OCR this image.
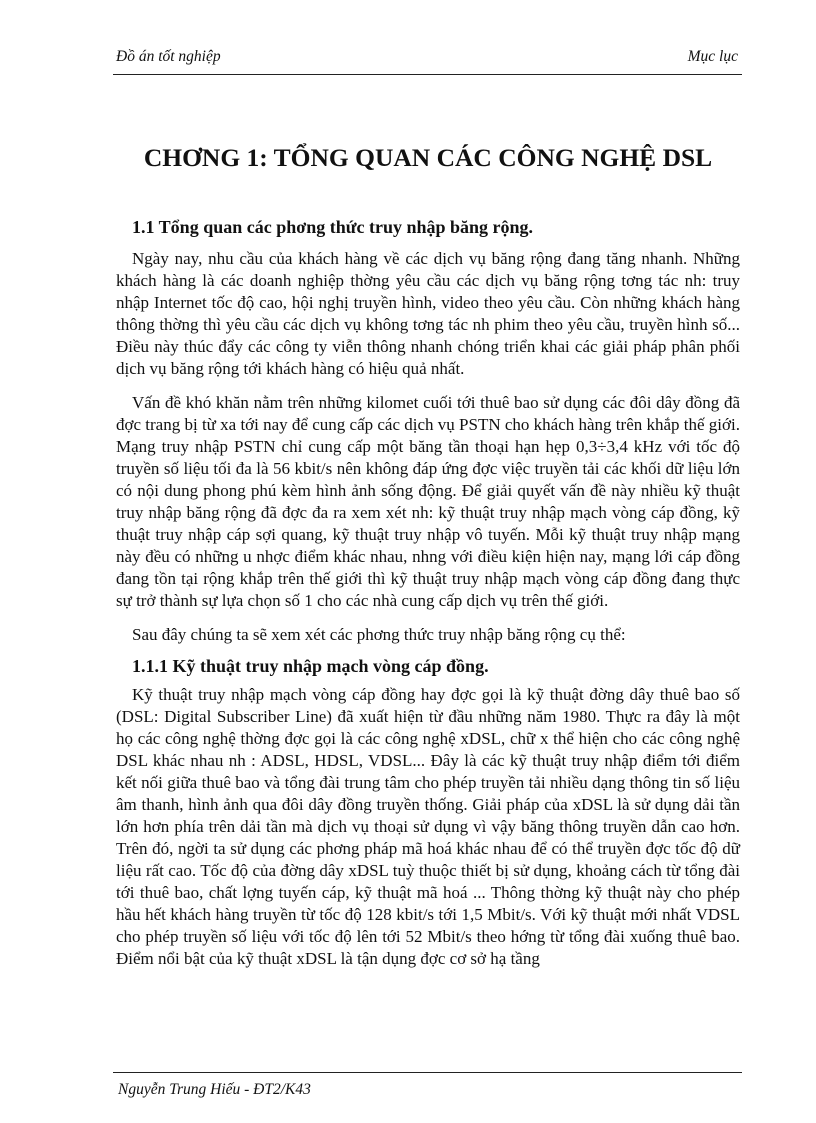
Đồ án tốt nghiệp	Mục lục
CHƠNG 1: TỔNG QUAN CÁC CÔNG NGHỆ DSL
1.1 Tổng quan các phơng thức truy nhập băng rộng.

Ngày nay, nhu cầu của khách hàng về các dịch vụ băng rộng đang tăng nhanh. Những khách hàng là các doanh nghiệp thờng yêu cầu các dịch vụ băng rộng tơng tác nh: truy nhập Internet tốc độ cao, hội nghị truyền hình, video theo yêu cầu. Còn những khách hàng thông thờng thì yêu cầu các dịch vụ không tơng tác nh phim theo yêu cầu, truyền hình số... Điều này thúc đẩy các công ty viễn thông nhanh chóng triển khai các giải pháp phân phối dịch vụ băng rộng tới khách hàng có hiệu quả nhất.

Vấn đề khó khăn nằm trên những kilomet cuối tới thuê bao sử dụng các đôi dây đồng đã đợc trang bị từ xa tới nay để cung cấp các dịch vụ PSTN cho khách hàng trên khắp thế giới. Mạng truy nhập PSTN chỉ cung cấp một băng tần thoại hạn hẹp 0,3÷3,4 kHz với tốc độ truyền số liệu tối đa là 56 kbit/s nên không đáp ứng đợc việc truyền tải các khối dữ liệu lớn có nội dung phong phú kèm hình ảnh sống động. Để giải quyết vấn đề này nhiều kỹ thuật truy nhập băng rộng đã đợc đa ra xem xét nh: kỹ thuật truy nhập mạch vòng cáp đồng, kỹ thuật truy nhập cáp sợi quang, kỹ thuật truy nhập vô tuyến. Mỗi kỹ thuật truy nhập mạng này đều có những u nhợc điểm khác nhau, nhng với điều kiện hiện nay, mạng lới cáp đồng đang tồn tại rộng khắp trên thế giới thì kỹ thuật truy nhập mạch vòng cáp đồng đang thực sự trở thành sự lựa chọn số 1 cho các nhà cung cấp dịch vụ trên thế giới.

Sau đây chúng ta sẽ xem xét các phơng thức truy nhập băng rộng cụ thể:

1.1.1 Kỹ thuật truy nhập mạch vòng cáp đồng.

Kỹ thuật truy nhập mạch vòng cáp đồng hay đợc gọi là kỹ thuật đờng dây thuê bao số (DSL: Digital Subscriber Line) đã xuất hiện từ đầu những năm 1980. Thực ra đây là một họ các công nghệ thờng đợc gọi là các công nghệ xDSL, chữ x thể hiện cho các công nghệ DSL khác nhau nh : ADSL, HDSL, VDSL... Đây là các kỹ thuật truy nhập điểm tới điểm kết nối giữa thuê bao và tổng đài trung tâm cho phép truyền tải nhiều dạng thông tin số liệu âm thanh, hình ảnh qua đôi dây đồng truyền thống. Giải pháp của xDSL là sử dụng dải tần lớn hơn phía trên dải tần mà dịch vụ thoại sử dụng vì vậy băng thông truyền dẫn cao hơn. Trên đó, ngời ta sử dụng các phơng pháp mã hoá khác nhau để có thể truyền đợc tốc độ dữ liệu rất cao. Tốc độ của đờng dây xDSL tuỳ thuộc thiết bị sử dụng, khoảng cách từ tổng đài tới thuê bao, chất lợng tuyến cáp, kỹ thuật mã hoá ... Thông thờng kỹ thuật này cho phép hầu hết khách hàng truyền từ tốc độ 128 kbit/s tới 1,5 Mbit/s. Với kỹ thuật mới nhất VDSL cho phép truyền số liệu với tốc độ lên tới 52 Mbit/s theo hớng từ tổng đài xuống thuê bao. Điểm nổi bật của kỹ thuật xDSL là tận dụng đợc cơ sở hạ tầng

Nguyễn Trung Hiếu - ĐT2/K43
